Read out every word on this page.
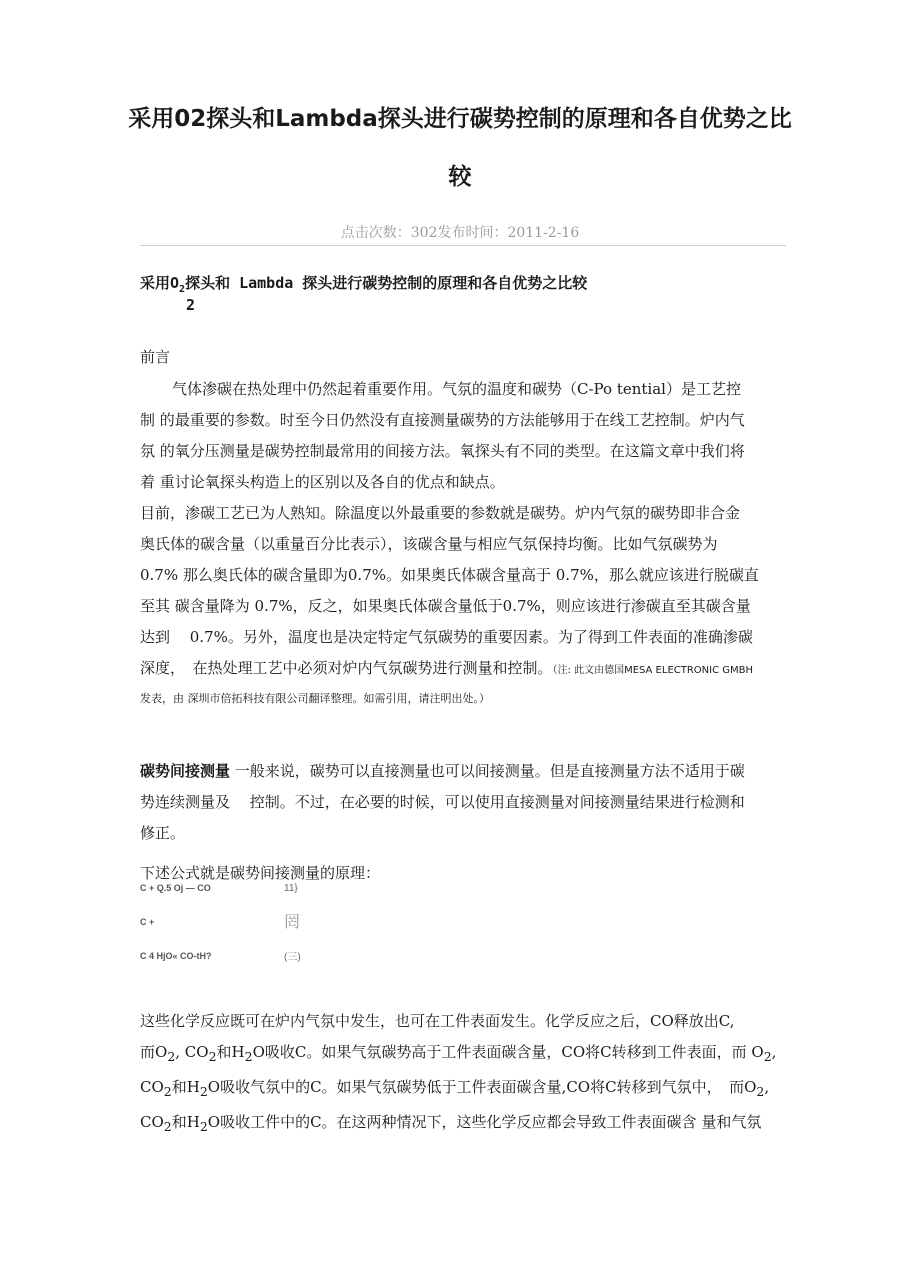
采用02探头和Lambda探头进行碳势控制的原理和各自优势之比
较
点击次数：302发布时间：2011-2-16
采用$O_2$探头和 Lambda 探头进行碳势控制的原理和各自优势之比较
2
前言
气体渗碳在热处理中仍然起着重要作用。气氛的温度和碳势（C-Po tential）是工艺控
制 的最重要的参数。时至今日仍然没有直接测量碳势的方法能够用于在线工艺控制。炉内气
氛 的氧分压测量是碳势控制最常用的间接方法。氧探头有不同的类型。在这篇文章中我们将
着 重讨论氧探头构造上的区别以及各自的优点和缺点。
目前，渗碳工艺已为人熟知。除温度以外最重要的参数就是碳势。炉内气氛的碳势即非合金
奥氏体的碳含量（以重量百分比表示），该碳含量与相应气氛保持均衡。比如气氛碳势为
0.7% 那么奥氏体的碳含量即为0.7%。如果奥氏体碳含量高于 0.7%，那么就应该进行脱碳直
至其 碳含量降为 0.7%，反之，如果奥氏体碳含量低于0.7%，则应该进行渗碳直至其碳含量
达到　 0.7%。另外，温度也是决定特定气氛碳势的重要因素。为了得到工件表面的准确渗碳
深度，　在热处理工艺中必须对炉内气氛碳势进行测量和控制。（注: 此文由德国MESA ELECTRONIC GMBH
发表，由 深圳市倍拓科技有限公司翻译整理。如需引用，请注明出处。）
碳势间接测量 一般来说，碳势可以直接测量也可以间接测量。但是直接测量方法不适用于碳
势连续测量及　 控制。不过，在必要的时候，可以使用直接测量对间接测量结果进行检测和
修正。
下述公式就是碳势间接测量的原理：
C + Q.5 Oj — CO	11}
C +	罔
C 4 HjO« CO-tH?	(三)
这些化学反应既可在炉内气氛中发生，也可在工件表面发生。化学反应之后，CO释放出C,
而$O_2$, $CO_2$和$H_2O$吸收C。如果气氛碳势高于工件表面碳含量，CO将C转移到工件表面，而 $O_2$,
$CO_2$和$H_2O$吸收气氛中的C。如果气氛碳势低于工件表面碳含量,CO将C转移到气氛中，　而$O_2$,
$CO_2$和$H_2O$吸收工件中的C。在这两种情况下，这些化学反应都会导致工件表面碳含 量和气氛
